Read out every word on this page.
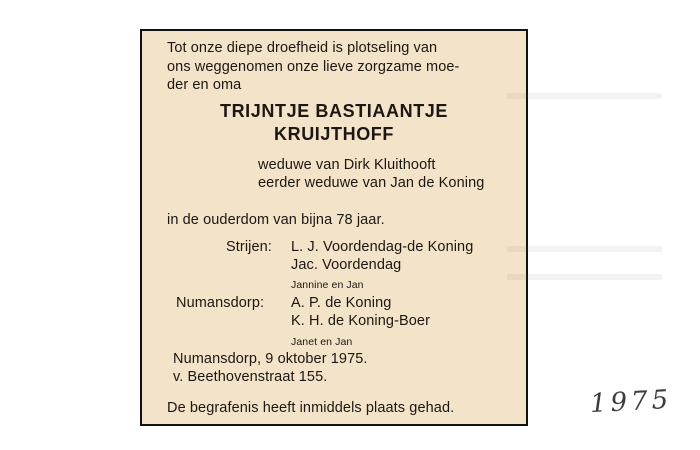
Tot onze diepe droefheid is plotseling van
ons weggenomen onze lieve zorgzame moe-
der en oma
TRIJNTJE BASTIAANTJE
KRUIJTHOFF
weduwe van Dirk Kluithooft
eerder weduwe van Jan de Koning
in de ouderdom van bijna 78 jaar.
Strijen: L. J. Voordendag-de Koning
Jac. Voordendag
Jannine en Jan
Numansdorp: A. P. de Koning
K. H. de Koning-Boer
Janet en Jan
Numansdorp, 9 oktober 1975.
v. Beethovenstraat 155.
De begrafenis heeft inmiddels plaats gehad.	1975
